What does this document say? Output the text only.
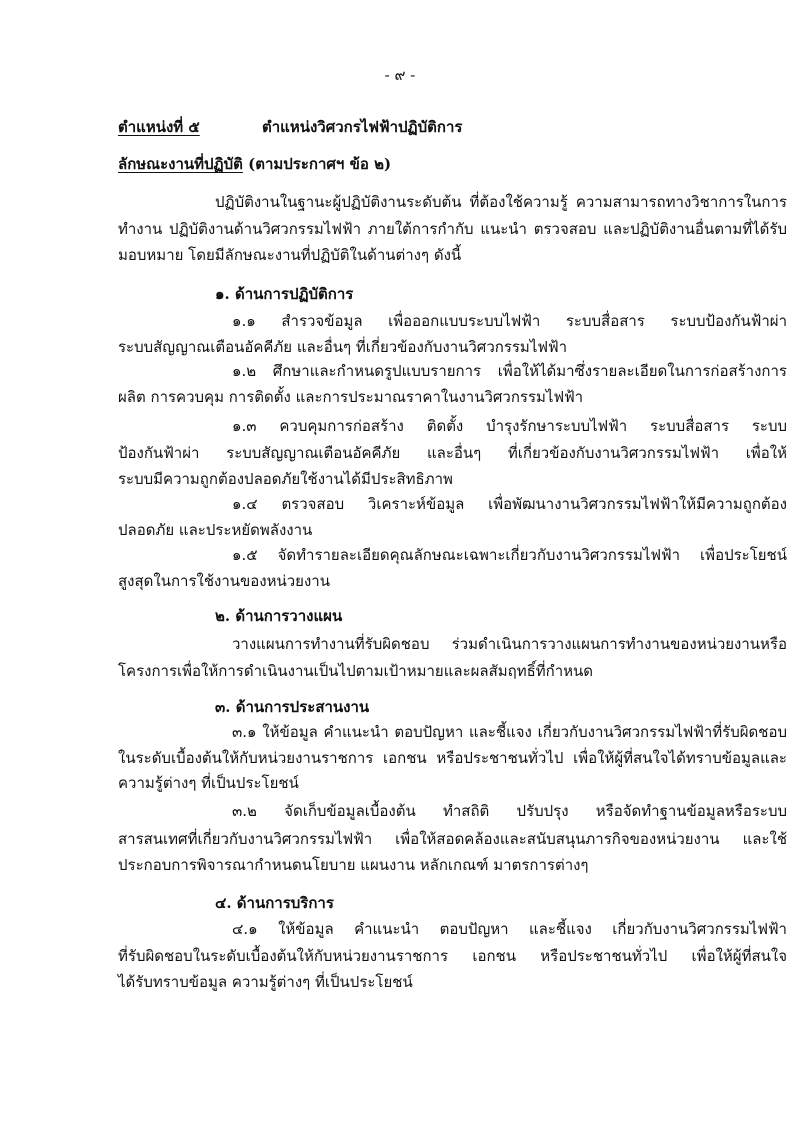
- ๙ -
ตำแหน่งที่ ๕	ตำแหน่งวิศวกรไฟฟ้าปฏิบัติการ
ลักษณะงานที่ปฏิบัติ (ตามประกาศฯ ข้อ ๒)
ปฏิบัติงานในฐานะผู้ปฏิบัติงานระดับต้น ที่ต้องใช้ความรู้ ความสามารถทางวิชาการในการ
ทำงาน ปฏิบัติงานด้านวิศวกรรมไฟฟ้า ภายใต้การกำกับ แนะนำ ตรวจสอบ และปฏิบัติงานอื่นตามที่ได้รับ
มอบหมาย โดยมีลักษณะงานที่ปฏิบัติในด้านต่างๆ ดังนี้
๑. ด้านการปฏิบัติการ
๑.๑ สำรวจข้อมูล เพื่อออกแบบระบบไฟฟ้า ระบบสื่อสาร ระบบป้องกันฟ้าผ่า
ระบบสัญญาณเตือนอัคคีภัย และอื่นๆ ที่เกี่ยวข้องกับงานวิศวกรรมไฟฟ้า
๑.๒ ศึกษาและกำหนดรูปแบบรายการ เพื่อให้ได้มาซึ่งรายละเอียดในการก่อสร้างการ
ผลิต การควบคุม การติดตั้ง และการประมาณราคาในงานวิศวกรรมไฟฟ้า
๑.๓ ควบคุมการก่อสร้าง ติดตั้ง บำรุงรักษาระบบไฟฟ้า ระบบสื่อสาร ระบบ
ป้องกันฟ้าผ่า ระบบสัญญาณเตือนอัคคีภัย และอื่นๆ ที่เกี่ยวข้องกับงานวิศวกรรมไฟฟ้า เพื่อให้
ระบบมีความถูกต้องปลอดภัยใช้งานได้มีประสิทธิภาพ
๑.๔ ตรวจสอบ วิเคราะห์ข้อมูล เพื่อพัฒนางานวิศวกรรมไฟฟ้าให้มีความถูกต้อง
ปลอดภัย และประหยัดพลังงาน
๑.๕ จัดทำรายละเอียดคุณลักษณะเฉพาะเกี่ยวกับงานวิศวกรรมไฟฟ้า เพื่อประโยชน์
สูงสุดในการใช้งานของหน่วยงาน
๒. ด้านการวางแผน
วางแผนการทำงานที่รับผิดชอบ ร่วมดำเนินการวางแผนการทำงานของหน่วยงานหรือ
โครงการเพื่อให้การดำเนินงานเป็นไปตามเป้าหมายและผลสัมฤทธิ์ที่กำหนด
๓. ด้านการประสานงาน
๓.๑ ให้ข้อมูล คำแนะนำ ตอบปัญหา และชี้แจง เกี่ยวกับงานวิศวกรรมไฟฟ้าที่รับผิดชอบ
ในระดับเบื้องต้นให้กับหน่วยงานราชการ เอกชน หรือประชาชนทั่วไป เพื่อให้ผู้ที่สนใจได้ทราบข้อมูลและ
ความรู้ต่างๆ ที่เป็นประโยชน์
๓.๒ จัดเก็บข้อมูลเบื้องต้น ทำสถิติ ปรับปรุง หรือจัดทำฐานข้อมูลหรือระบบ
สารสนเทศที่เกี่ยวกับงานวิศวกรรมไฟฟ้า เพื่อให้สอดคล้องและสนับสนุนภารกิจของหน่วยงาน และใช้
ประกอบการพิจารณากำหนดนโยบาย แผนงาน หลักเกณฑ์ มาตรการต่างๆ
๔. ด้านการบริการ
๔.๑ ให้ข้อมูล คำแนะนำ ตอบปัญหา และชี้แจง เกี่ยวกับงานวิศวกรรมไฟฟ้า
ที่รับผิดชอบในระดับเบื้องต้นให้กับหน่วยงานราชการ เอกชน หรือประชาชนทั่วไป เพื่อให้ผู้ที่สนใจ
ได้รับทราบข้อมูล ความรู้ต่างๆ ที่เป็นประโยชน์
